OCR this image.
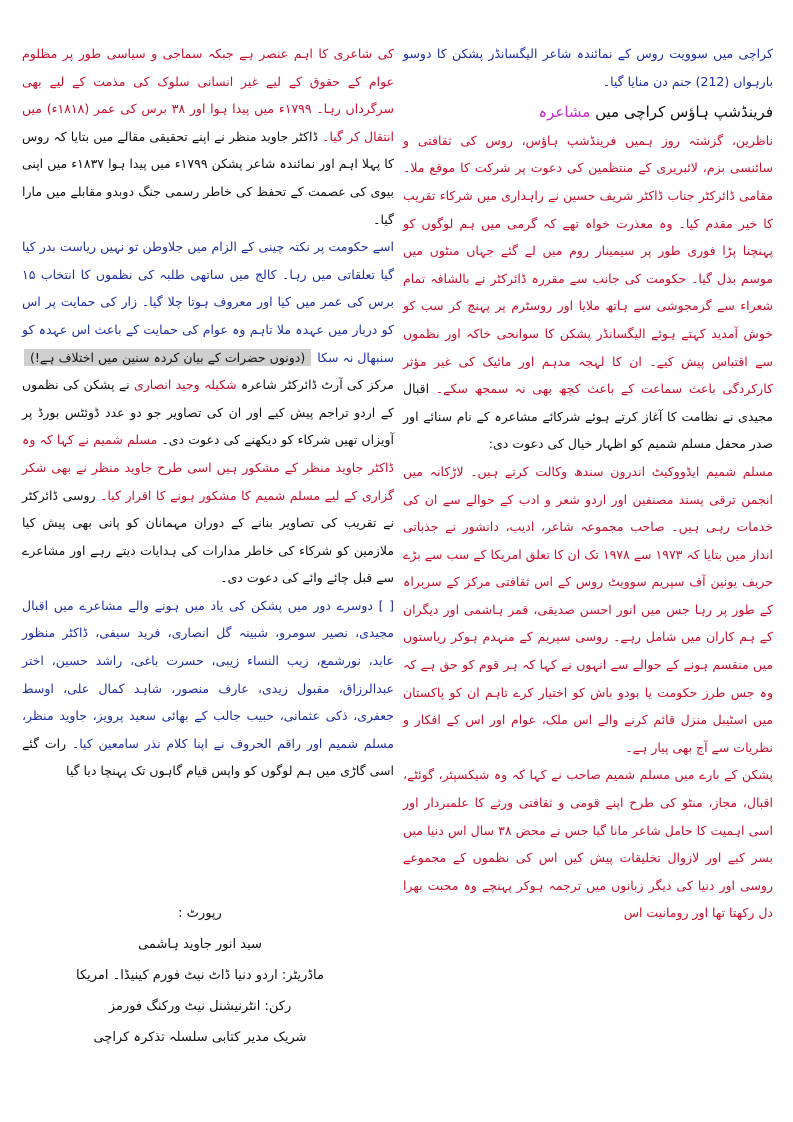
کراچی میں سوویت روس کے نمائندہ شاعر الیگسانڈر پشکن کا دوسو بارہواں (212) جنم دن منایا گیا۔

فرینڈشپ ہاؤس کراچی میں مشاعرہ

ناظرین، گزشتہ روز ہمیں فرینڈشپ ہاؤس، روس کی ثقافتی و سائنسی بزم، لائبریری کے منتظمین کی دعوت پر شرکت کا موقع ملا۔ مقامی ڈائرکٹر جناب ڈاکٹر شریف حسین نے راہداری میں شرکاء تقریب کا خیر مقدم کیا۔ وہ معذرت خواہ تھے کہ گرمی میں ہم لوگوں کو پہنچنا پڑا فوری طور پر سیمینار روم میں لے گئے جہاں منٹوں میں موسم بدل گیا۔ حکومت کی جانب سے مقررہ ڈائرکٹر نے بالشافہ تمام شعراء سے گرمجوشی سے ہاتھ ملایا اور روسٹرم پر پہنچ کر سب کو خوش آمدید کہتے ہوئے الیگسانڈر پشکن کا سوانحی خاکہ اور نظموں سے اقتباس پیش کیے۔ ان کا لہجہ مدہم اور مائیک کی غیر مؤثر کارکردگی باعث سماعت کے باعث کچھ بھی نہ سمجھ سکے۔ اقبال مجیدی نے نظامت کا آغاز کرتے ہوئے شرکائے مشاعرہ کے نام سنائے اور صدر محفل مسلم شمیم کو اظہار خیال کی دعوت دی:

مسلم شمیم ایڈووکیٹ اندرون سندھ وکالت کرتے ہیں۔ لاڑکانہ میں انجمن ترقی پسند مصنفین اور اردو شعر و ادب کے حوالے سے ان کی خدمات رہی ہیں۔ صاحب مجموعہ شاعر، ادیب، دانشور نے جذباتی انداز میں بتایا کہ ۱۹۷۳ سے ۱۹۷۸ تک ان کا تعلق امریکا کے سب سے بڑے حریف یونین آف سپریم سوویٹ روس کے اس ثقافتی مرکز کے سربراہ کے طور پر رہا جس میں انور احسن صدیقی، قمر ہاشمی اور دیگران کے ہم کاران میں شامل رہے۔ روسی سپریم کے منہدم ہوکر ریاستوں میں منقسم ہونے کے حوالے سے انہوں نے کہا کہ ہر قوم کو حق ہے کہ وہ جس طرز حکومت یا بودو باش کو اختیار کرے تاہم ان کو پاکستان میں اسٹیبل منزل قائم کرنے والے اس ملک، عوام اور اس کے افکار و نظریات سے آج بھی پیار ہے۔

پشکن کے بارے میں مسلم شمیم صاحب نے کہا کہ وہ شیکسپئر، گوئٹے، اقبال، مجاز، منٹو کی طرح اپنے قومی و ثقافتی ورثے کا علمبردار اور اسی اہمیت کا حامل شاعر مانا گیا جس نے محض ۳۸ سال اس دنیا میں بسر کیے اور لازوال تخلیقات پیش کیں اس کی نظموں کے مجموعے روسی اور دنیا کی دیگر زبانوں میں ترجمہ ہوکر پہنچے وہ محبت بھرا دل رکھتا تھا اور رومانیت اس

کی شاعری کا اہم عنصر ہے جبکہ سماجی و سیاسی طور پر مظلوم عوام کے حقوق کے لیے غیر انسانی سلوک کی مذمت کے لیے بھی سرگرداں رہا۔ ۱۷۹۹ء میں پیدا ہوا اور ۳۸ برس کی عمر (۱۸۱۸ء) میں انتقال کر گیا۔ ڈاکٹر جاوید منظر نے اپنے تحقیقی مقالے میں بتایا کہ روس کا پہلا اہم اور نمائندہ شاعر پشکن ۱۷۹۹ء میں پیدا ہوا ۱۸۳۷ء میں اپنی بیوی کی عصمت کے تحفظ کی خاطر رسمی جنگ دوبدو مقابلے میں مارا گیا۔

اسے حکومت پر نکتہ چینی کے الزام میں جلاوطن تو نہیں ریاست بدر کیا گیا تعلقاتی میں رہا۔ کالج میں ساتھی طلبہ کی نظموں کا انتخاب ۱۵ برس کی عمر میں کیا اور معروف ہوتا چلا گیا۔ زار کی حمایت پر اس کو دربار میں عہدہ ملا تاہم وہ عوام کی حمایت کے باعث اس عہدہ کو سنبھال نہ سکا (دونوں حضرات کے بیان کردہ سنین میں اختلاف ہے!) مرکز کی آرٹ ڈائرکٹر شاعرہ شکیلہ وحید انصاری نے پشکن کی نظموں کے اردو تراجم پیش کیے اور ان کی تصاویر جو دو عدد ڈوئٹس بورڈ پر آویزاں تھیں شرکاء کو دیکھنے کی دعوت دی۔ مسلم شمیم نے کہا کہ وہ ڈاکٹر جاوید منظر کے مشکور ہیں اسی طرح جاوید منظر نے بھی شکر گزاری کے لیے مسلم شمیم کا مشکور ہونے کا اقرار کیا۔ روسی ڈائرکٹر نے تقریب کی تصاویر بنانے کے دوران مہمانان کو پانی بھی پیش کیا ملازمین کو شرکاء کی خاطر مدارات کی ہدایات دیتے رہے اور مشاعرے سے قبل چائے وائے کی دعوت دی۔

[ ] دوسرے دور میں پشکن کی یاد میں ہونے والے مشاعرے میں اقبال مجیدی، نصیر سومرو، شبینہ گل انصاری، فرید سیفی، ڈاکٹر منظور عابد، نورشمع، زیب النساء زیبی، حسرت باغی، راشد حسین، اختر عبدالرزاق، مقبول زیدی، عارف منصور، شاہد کمال علی، اوسط جعفری، ذکی عثمانی، حبیب جالب کے بھائی سعید پرویز، جاوید منظر، مسلم شمیم اور راقم الحروف نے اپنا کلام نذر سامعین کیا۔ رات گئے اسی گاڑی میں ہم لوگوں کو واپس قیام گاہوں تک پہنچا دیا گیا

رپورٹ :
سید انور جاوید ہاشمی
ماڈریٹر: اردو دنیا ڈاٹ نیٹ فورم کینیڈا۔ امریکا
رکن: انٹرنیشنل نیٹ ورکنگ فورمز
شریک مدیر کتابی سلسلہ تذکرہ کراچی
